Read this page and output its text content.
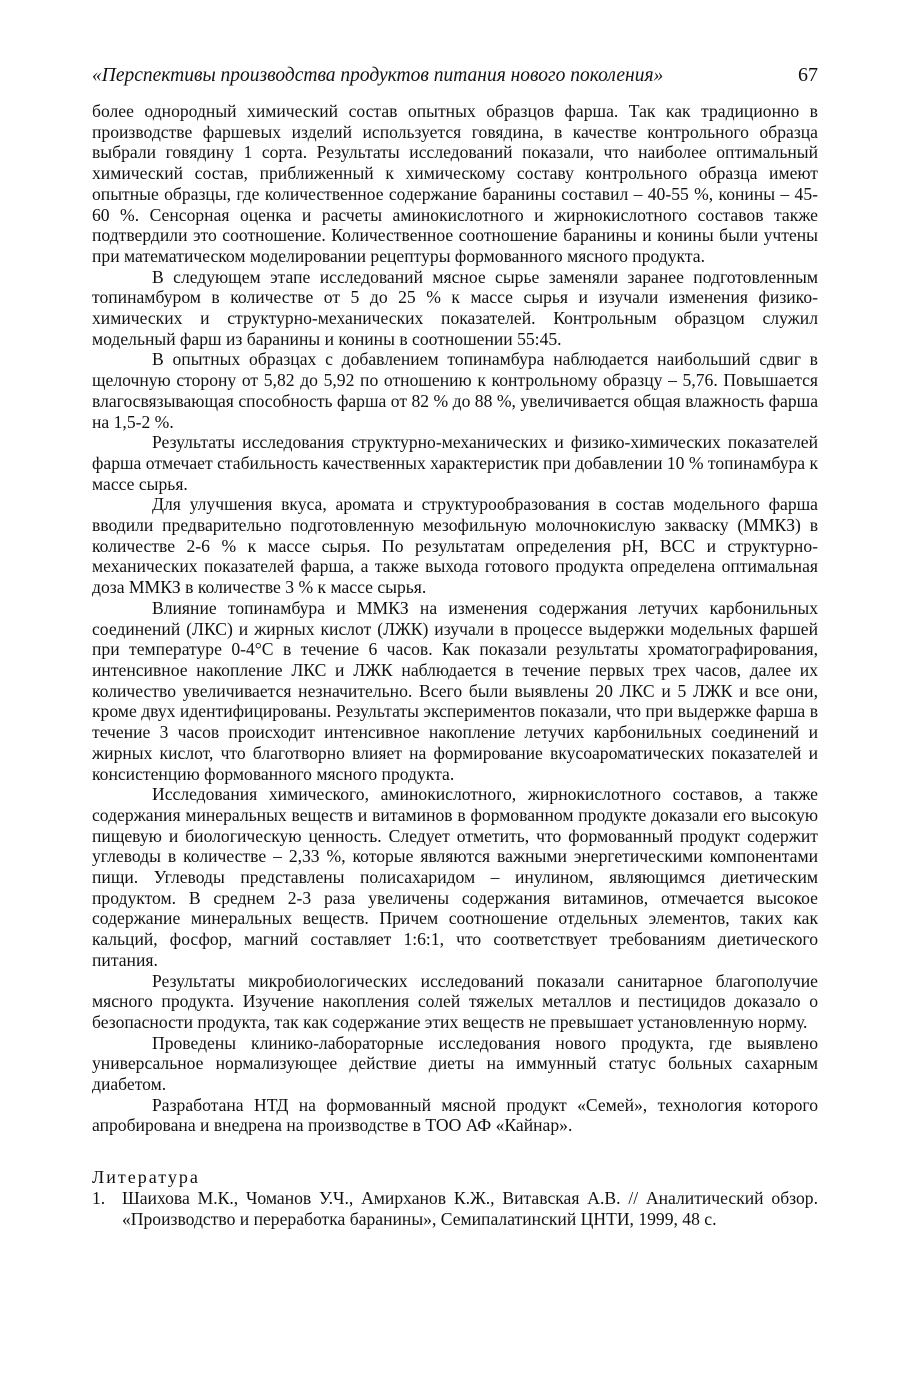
«Перспективы производства продуктов питания нового поколения»	67

более однородный химический состав опытных образцов фарша. Так как традиционно в производстве фаршевых изделий используется говядина, в качестве контрольного образца выбрали говядину 1 сорта. Результаты исследований показали, что наиболее оптимальный химический состав, приближенный к химическому составу контрольного образца имеют опытные образцы, где количественное содержание баранины составил – 40-55 %, конины – 45-60 %. Сенсорная оценка и расчеты аминокислотного и жирнокислотного составов также подтвердили это соотношение. Количественное соотношение баранины и конины были учтены при математическом моделировании рецептуры формованного мясного продукта.

В следующем этапе исследований мясное сырье заменяли заранее подготовленным топинамбуром в количестве от 5 до 25 % к массе сырья и изучали изменения физико-химических и структурно-механических показателей. Контрольным образцом служил модельный фарш из баранины и конины в соотношении 55:45.

В опытных образцах с добавлением топинамбура наблюдается наибольший сдвиг в щелочную сторону от 5,82 до 5,92 по отношению к контрольному образцу – 5,76. Повышается влагосвязывающая способность фарша от 82 % до 88 %, увеличивается общая влажность фарша на 1,5-2 %.

Результаты исследования структурно-механических и физико-химических показателей фарша отмечает стабильность качественных характеристик при добавлении 10 % топинамбура к массе сырья.

Для улучшения вкуса, аромата и структурообразования в состав модельного фарша вводили предварительно подготовленную мезофильную молочнокислую закваску (ММКЗ) в количестве 2-6 % к массе сырья. По результатам определения рН, ВСС и структурно-механических показателей фарша, а также выхода готового продукта определена оптимальная доза ММКЗ в количестве 3 % к массе сырья.

Влияние топинамбура и ММКЗ на изменения содержания летучих карбонильных соединений (ЛКС) и жирных кислот (ЛЖК) изучали в процессе выдержки модельных фаршей при температуре 0-4°С в течение 6 часов. Как показали результаты хроматографирования, интенсивное накопление ЛКС и ЛЖК наблюдается в течение первых трех часов, далее их количество увеличивается незначительно. Всего были выявлены 20 ЛКС и 5 ЛЖК и все они, кроме двух идентифицированы. Результаты экспериментов показали, что при выдержке фарша в течение 3 часов происходит интенсивное накопление летучих карбонильных соединений и жирных кислот, что благотворно влияет на формирование вкусоароматических показателей и консистенцию формованного мясного продукта.

Исследования химического, аминокислотного, жирнокислотного составов, а также содержания минеральных веществ и витаминов в формованном продукте доказали его высокую пищевую и биологическую ценность. Следует отметить, что формованный продукт содержит углеводы в количестве – 2,33 %, которые являются важными энергетическими компонентами пищи. Углеводы представлены полисахаридом – инулином, являющимся диетическим продуктом. В среднем 2-3 раза увеличены содержания витаминов, отмечается высокое содержание минеральных веществ. Причем соотношение отдельных элементов, таких как кальций, фосфор, магний составляет 1:6:1, что соответствует требованиям диетического питания.

Результаты микробиологических исследований показали санитарное благополучие мясного продукта. Изучение накопления солей тяжелых металлов и пестицидов доказало о безопасности продукта, так как содержание этих веществ не превышает установленную норму.

Проведены клинико-лабораторные исследования нового продукта, где выявлено универсальное нормализующее действие диеты на иммунный статус больных сахарным диабетом.

Разработана НТД на формованный мясной продукт «Семей», технология которого апробирована и внедрена на производстве в ТОО АФ «Кайнар».

Литература
1. Шаихова М.К., Чоманов У.Ч., Амирханов К.Ж., Витавская А.В. // Аналитический обзор. «Производство и переработка баранины», Семипалатинский ЦНТИ, 1999, 48 с.
